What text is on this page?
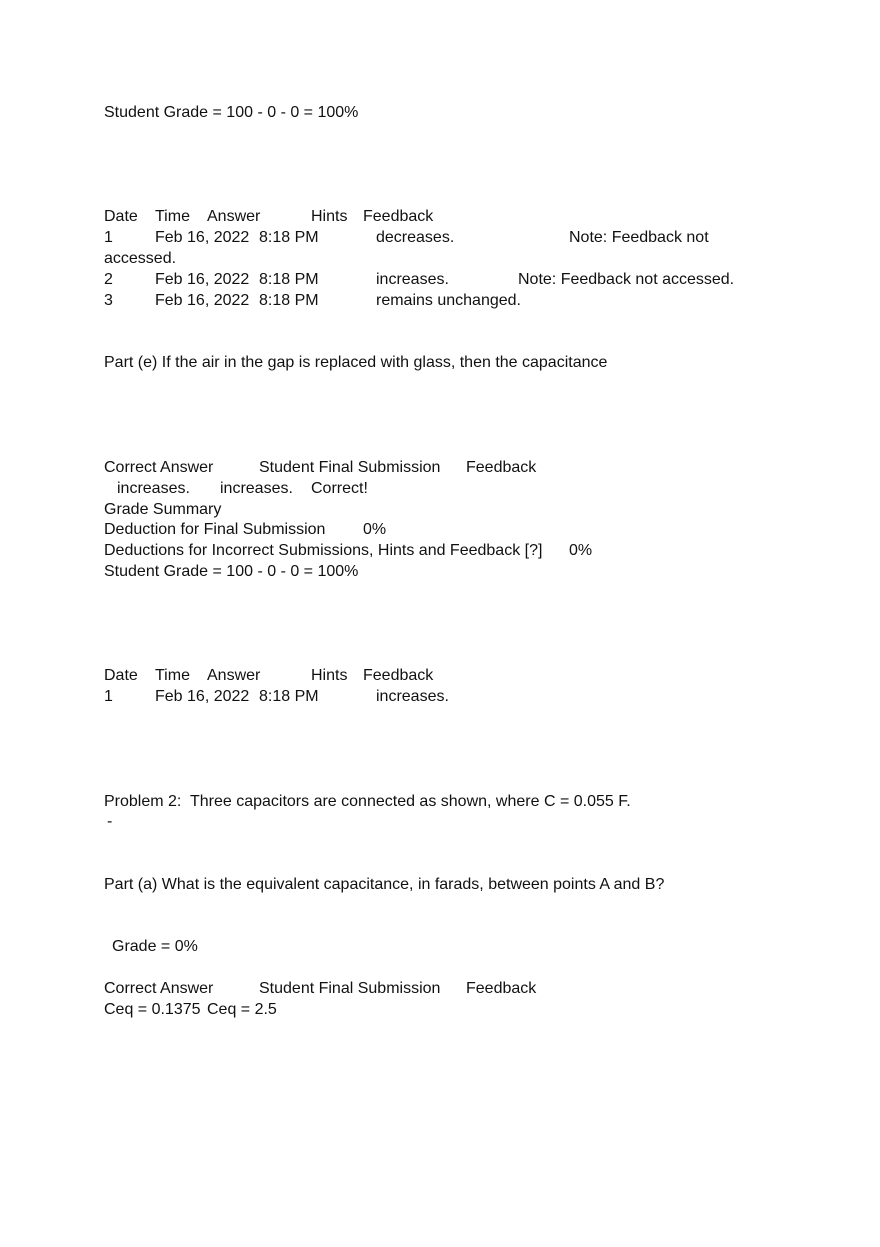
Student Grade = 100 - 0 - 0 = 100%
Date Time Answer	Hints Feedback
1	Feb 16, 2022 8:18 PM	decreases.	Note: Feedback not
accessed.
2	Feb 16, 2022 8:18 PM	increases.	Note: Feedback not accessed.
3	Feb 16, 2022 8:18 PM	remains unchanged.
Part (e) If the air in the gap is replaced with glass, then the capacitance
Correct Answer	Student Final Submission Feedback
increases. increases. Correct!
Grade Summary
Deduction for Final Submission 0%
Deductions for Incorrect Submissions, Hints and Feedback [?] 0%
Student Grade = 100 - 0 - 0 = 100%
Date Time Answer	Hints Feedback
1	Feb 16, 2022 8:18 PM	increases.
Problem 2:  Three capacitors are connected as shown, where C = 0.055 F.
-
Part (a) What is the equivalent capacitance, in farads, between points A and B?
Grade = 0%
Correct Answer	Student Final Submission Feedback
Ceq = 0.1375 Ceq = 2.5
